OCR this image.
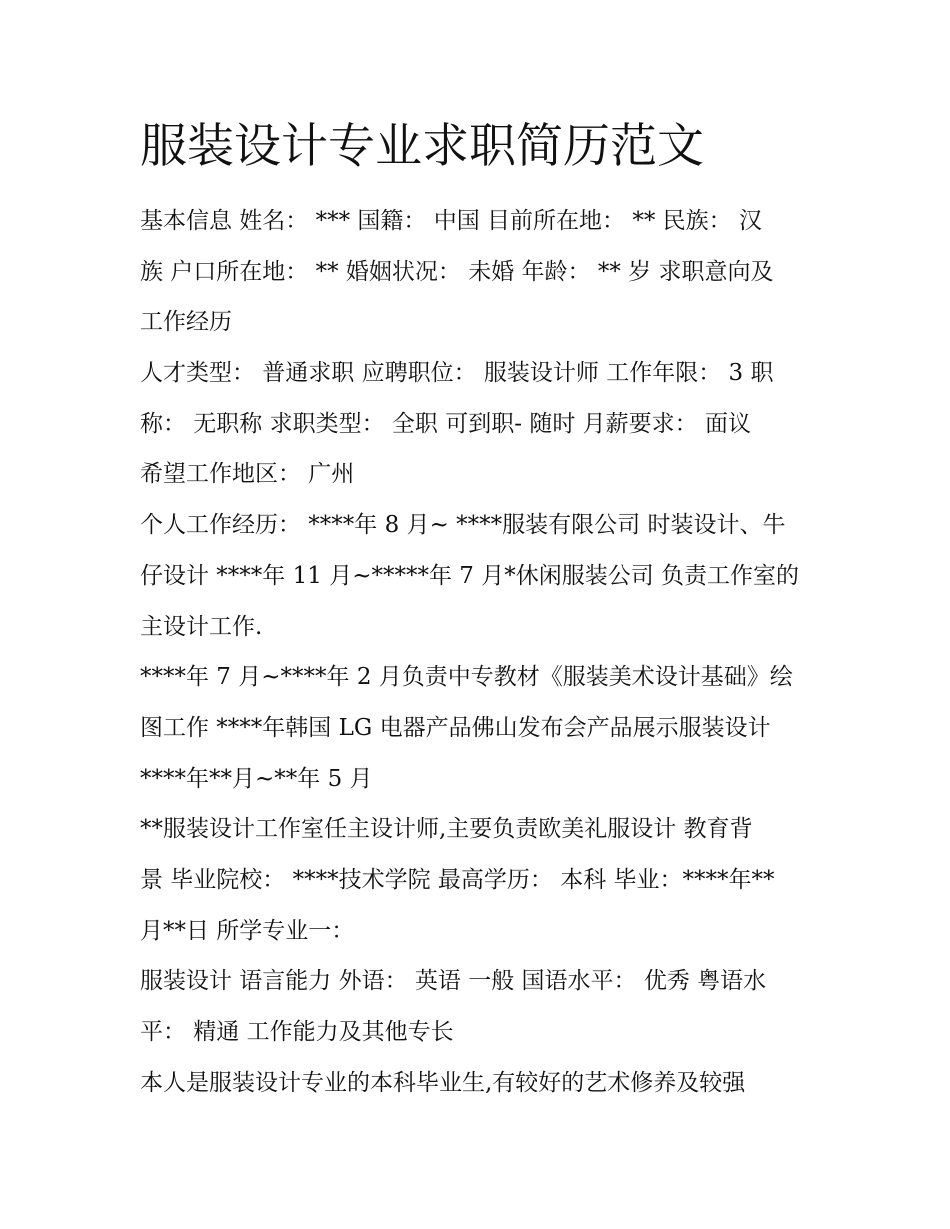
服装设计专业求职简历范文
基本信息 姓名： *** 国籍： 中国 目前所在地： ** 民族： 汉
族 户口所在地： ** 婚姻状况： 未婚 年龄： ** 岁 求职意向及
工作经历
人才类型： 普通求职 应聘职位： 服装设计师 工作年限： 3 职
称： 无职称 求职类型： 全职 可到职- 随时 月薪要求： 面议
希望工作地区： 广州
个人工作经历： ****年 8 月~ ****服装有限公司 时装设计、牛
仔设计 ****年 11 月~*****年 7 月*休闲服装公司 负责工作室的
主设计工作.
****年 7 月~****年 2 月负责中专教材《服装美术设计基础》绘
图工作 ****年韩国 LG 电器产品佛山发布会产品展示服装设计
****年**月~**年 5 月
**服装设计工作室任主设计师,主要负责欧美礼服设计 教育背
景 毕业院校： ****技术学院 最高学历： 本科 毕业：****年**
月**日 所学专业一：
服装设计 语言能力 外语： 英语 一般 国语水平： 优秀 粤语水
平： 精通 工作能力及其他专长
本人是服装设计专业的本科毕业生,有较好的艺术修养及较强
